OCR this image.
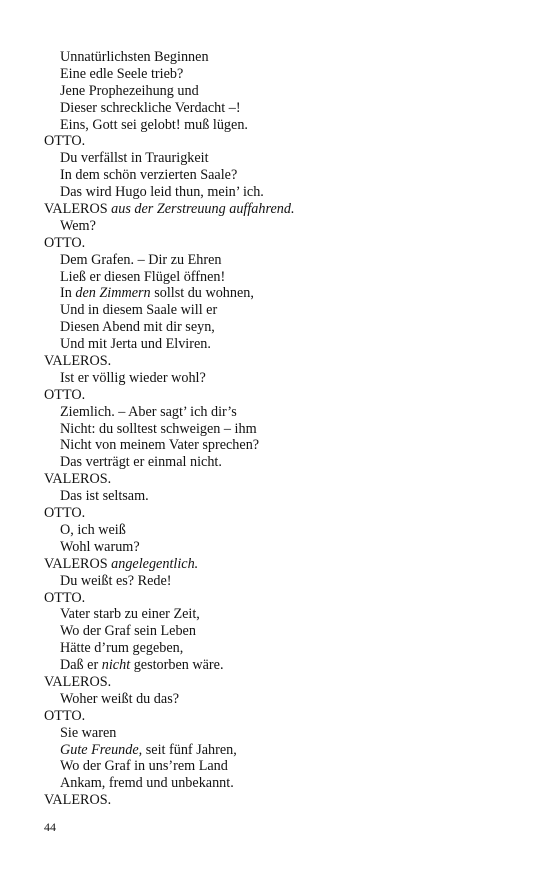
Unnatürlichsten Beginnen
Eine edle Seele trieb?
Jene Prophezeihung und
Dieser schreckliche Verdacht –!
Eins, Gott sei gelobt! muß lügen.
OTTO.
Du verfällst in Traurigkeit
In dem schön verzierten Saale?
Das wird Hugo leid thun, mein’ ich.
VALEROS aus der Zerstreuung auffahrend.
Wem?
OTTO.
Dem Grafen. – Dir zu Ehren
Ließ er diesen Flügel öffnen!
In den Zimmern sollst du wohnen,
Und in diesem Saale will er
Diesen Abend mit dir seyn,
Und mit Jerta und Elviren.
VALEROS.
Ist er völlig wieder wohl?
OTTO.
Ziemlich. – Aber sagt’ ich dir’s
Nicht: du solltest schweigen – ihm
Nicht von meinem Vater sprechen?
Das verträgt er einmal nicht.
VALEROS.
Das ist seltsam.
OTTO.
O, ich weiß
Wohl warum?
VALEROS angelegentlich.
Du weißt es? Rede!
OTTO.
Vater starb zu einer Zeit,
Wo der Graf sein Leben
Hätte d’rum gegeben,
Daß er nicht gestorben wäre.
VALEROS.
Woher weißt du das?
OTTO.
Sie waren
Gute Freunde, seit fünf Jahren,
Wo der Graf in uns’rem Land
Ankam, fremd und unbekannt.
VALEROS.
44
